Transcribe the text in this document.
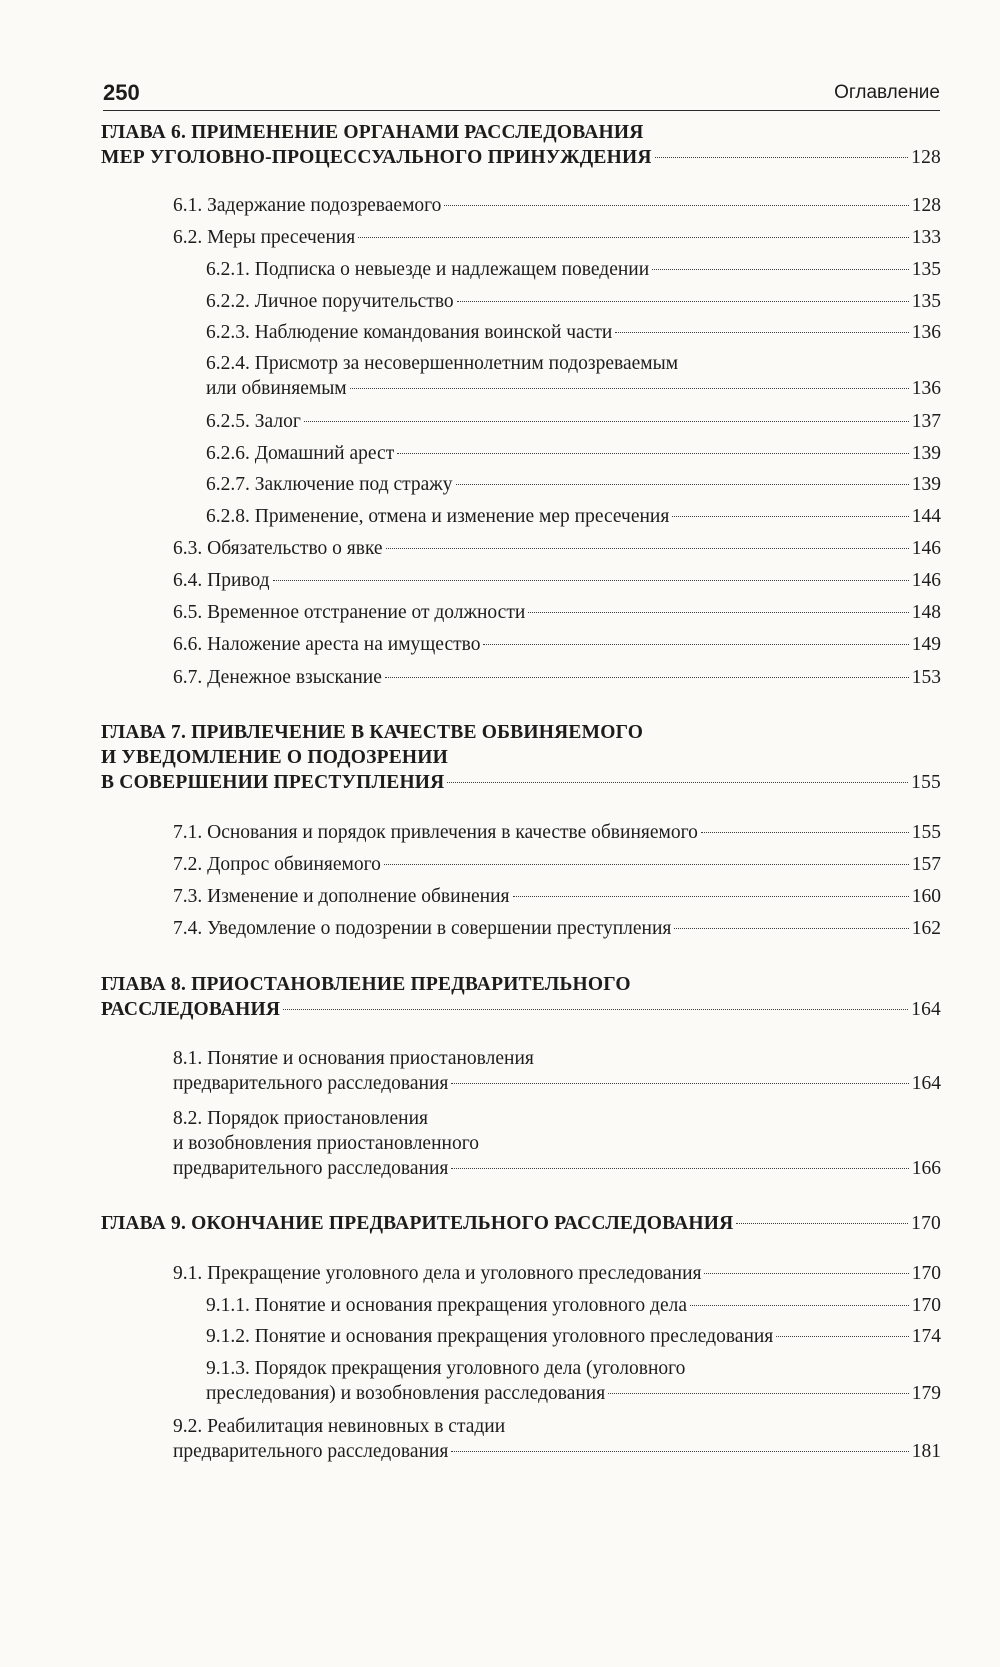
250	Оглавление
ГЛАВА 6. ПРИМЕНЕНИЕ ОРГАНАМИ РАССЛЕДОВАНИЯ
МЕР УГОЛОВНО-ПРОЦЕССУАЛЬНОГО ПРИНУЖДЕНИЯ	128
6.1. Задержание подозреваемого	128
6.2. Меры пресечения	133
6.2.1. Подписка о невыезде и надлежащем поведении	135
6.2.2. Личное поручительство	135
6.2.3. Наблюдение командования воинской части	136
6.2.4. Присмотр за несовершеннолетним подозреваемым
или обвиняемым	136
6.2.5. Залог	137
6.2.6. Домашний арест	139
6.2.7. Заключение под стражу	139
6.2.8. Применение, отмена и изменение мер пресечения	144
6.3. Обязательство о явке	146
6.4. Привод	146
6.5. Временное отстранение от должности	148
6.6. Наложение ареста на имущество	149
6.7. Денежное взыскание	153
ГЛАВА 7. ПРИВЛЕЧЕНИЕ В КАЧЕСТВЕ ОБВИНЯЕМОГО
И УВЕДОМЛЕНИЕ О ПОДОЗРЕНИИ
В СОВЕРШЕНИИ ПРЕСТУПЛЕНИЯ	155
7.1. Основания и порядок привлечения в качестве обвиняемого	155
7.2. Допрос обвиняемого	157
7.3. Изменение и дополнение обвинения	160
7.4. Уведомление о подозрении в совершении преступления	162
ГЛАВА 8. ПРИОСТАНОВЛЕНИЕ ПРЕДВАРИТЕЛЬНОГО
РАССЛЕДОВАНИЯ	164
8.1. Понятие и основания приостановления
предварительного расследования	164
8.2. Порядок приостановления
и возобновления приостановленного
предварительного расследования	166
ГЛАВА 9. ОКОНЧАНИЕ ПРЕДВАРИТЕЛЬНОГО РАССЛЕДОВАНИЯ	170
9.1. Прекращение уголовного дела и уголовного преследования	170
9.1.1. Понятие и основания прекращения уголовного дела	170
9.1.2. Понятие и основания прекращения уголовного преследования	174
9.1.3. Порядок прекращения уголовного дела (уголовного
преследования) и возобновления расследования	179
9.2. Реабилитация невиновных в стадии
предварительного расследования	181
